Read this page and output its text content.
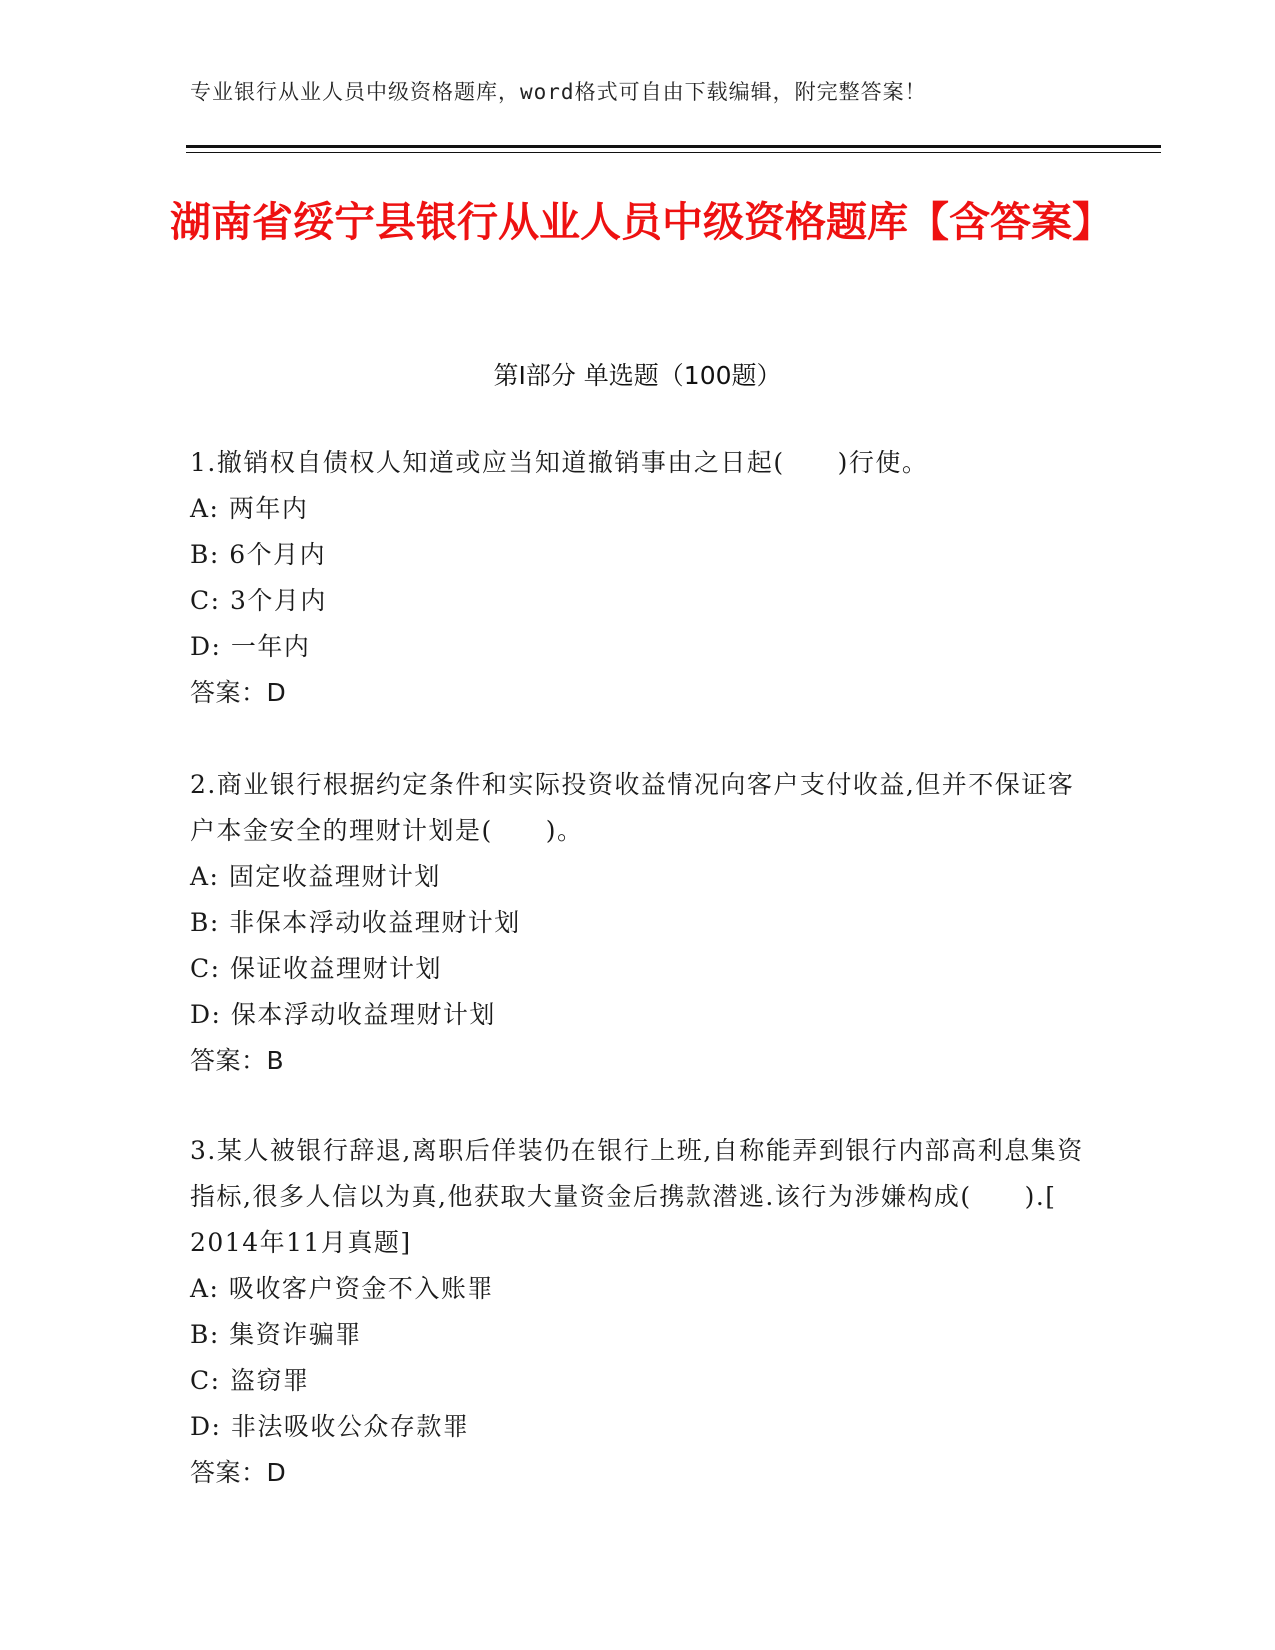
专业银行从业人员中级资格题库，word格式可自由下载编辑，附完整答案！
湖南省绥宁县银行从业人员中级资格题库【含答案】
第Ⅰ部分 单选题（100题）

1.撤销权自债权人知道或应当知道撤销事由之日起(　　)行使。

A: 两年内

B: 6个月内

C: 3个月内

D: 一年内

答案：D

2.商业银行根据约定条件和实际投资收益情况向客户支付收益,但并不保证客户本金安全的理财计划是(　　)。

A: 固定收益理财计划

B: 非保本浮动收益理财计划

C: 保证收益理财计划

D: 保本浮动收益理财计划

答案：B

3.某人被银行辞退,离职后佯装仍在银行上班,自称能弄到银行内部高利息集资指标,很多人信以为真,他获取大量资金后携款潜逃.该行为涉嫌构成(　　).[ 2014年11月真题]

A: 吸收客户资金不入账罪

B: 集资诈骗罪

C: 盗窃罪

D: 非法吸收公众存款罪

答案：D
